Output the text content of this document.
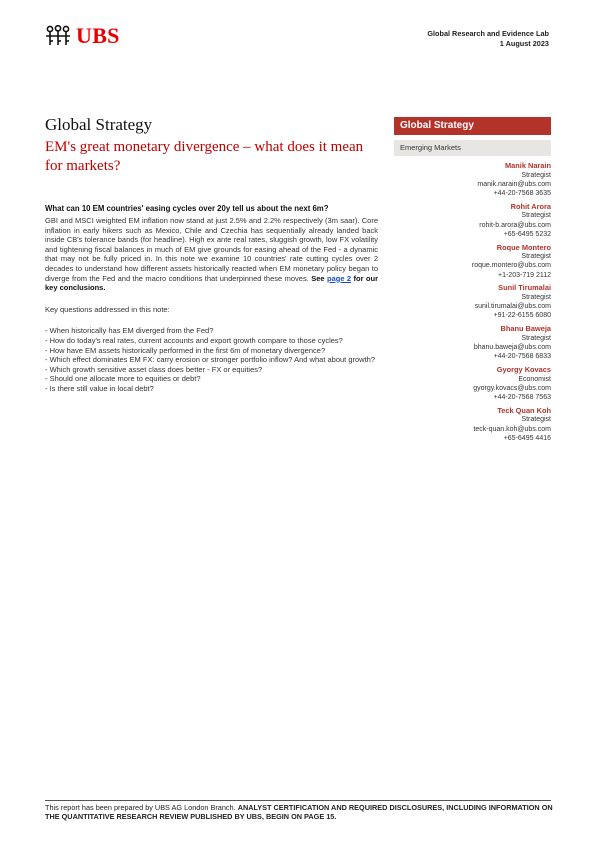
UBS	Global Research and Evidence Lab
1 August 2023
Global Strategy
EM's great monetary divergence – what does it mean for markets?
Global Strategy
Emerging Markets
Manik Narain
Strategist
manik.narain@ubs.com
+44-20-7568 3635
Rohit Arora
Strategist
rohit-b.arora@ubs.com
+65-6495 5232
Roque Montero
Strategist
roque.montero@ubs.com
+1-203-719 2112
Sunil Tirumalai
Strategist
sunil.tirumalai@ubs.com
+91-22-6155 6080
Bhanu Baweja
Strategist
bhanu.baweja@ubs.com
+44-20-7568 6833
Gyorgy Kovacs
Economist
gyorgy.kovacs@ubs.com
+44-20-7568 7563
Teck Quan Koh
Strategist
teck-quan.koh@ubs.com
+65-6495 4416

What can 10 EM countries' easing cycles over 20y tell us about the next 6m?

GBI and MSCI weighted EM inflation now stand at just 2.5% and 2.2% respectively (3m saar). Core inflation in early hikers such as Mexico, Chile and Czechia has sequentially already landed back inside CB's tolerance bands (for headline). High ex ante real rates, sluggish growth, low FX volatility and tightening fiscal balances in much of EM give grounds for easing ahead of the Fed - a dynamic that may not be fully priced in. In this note we examine 10 countries' rate cutting cycles over 2 decades to understand how different assets historically reacted when EM monetary policy began to diverge from the Fed and the macro conditions that underpinned these moves. See page 2 for our key conclusions.

Key questions addressed in this note:

- When historically has EM diverged from the Fed?
- How do today's real rates, current accounts and export growth compare to those cycles?
- How have EM assets historically performed in the first 6m of monetary divergence?
- Which effect dominates EM FX: carry erosion or stronger portfolio inflow? And what about growth?
- Which growth sensitive asset class does better - FX or equities?
- Should one allocate more to equities or debt?
- Is there still value in local debt?
This report has been prepared by UBS AG London Branch. ANALYST CERTIFICATION AND REQUIRED DISCLOSURES, INCLUDING INFORMATION ON THE QUANTITATIVE RESEARCH REVIEW PUBLISHED BY UBS, BEGIN ON PAGE 15.
